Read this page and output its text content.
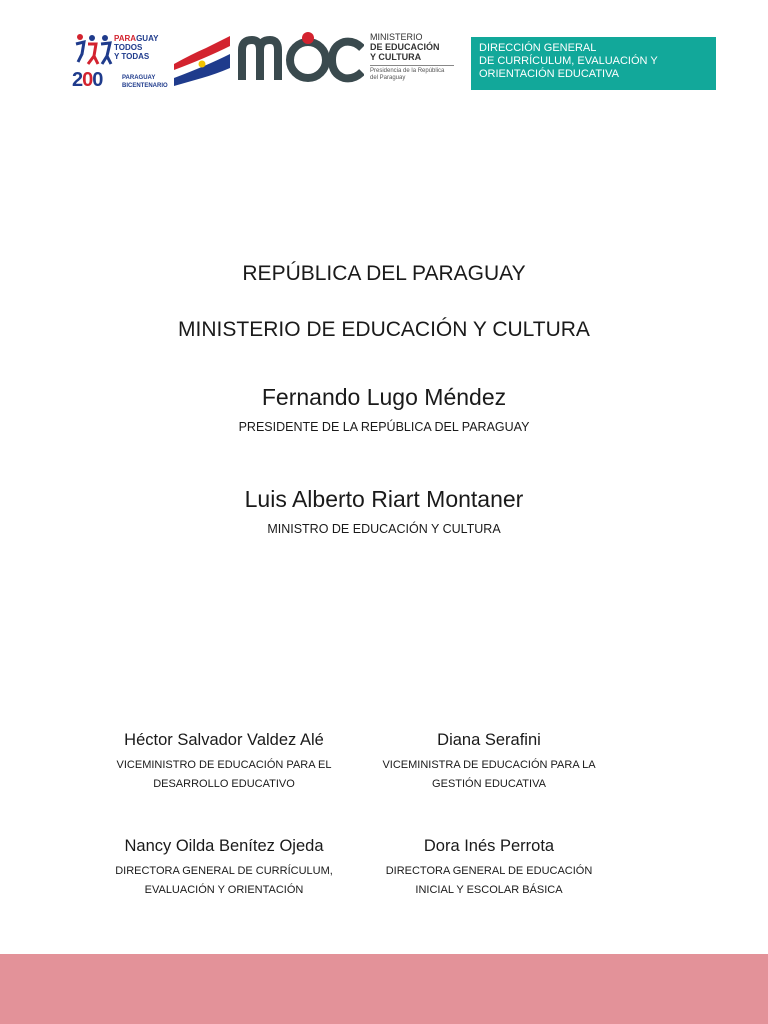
PARAGUAY
TODOS
Y TODAS
200	PARAGUAY
BICENTENARIO
MINISTERIO
DE EDUCACIÓN
Y CULTURA
Presidencia de la República
del Paraguay
DIRECCIÓN GENERAL
DE CURRÍCULUM, EVALUACIÓN Y
ORIENTACIÓN EDUCATIVA
REPÚBLICA DEL PARAGUAY
MINISTERIO DE EDUCACIÓN Y CULTURA
Fernando Lugo Méndez
PRESIDENTE DE LA REPÚBLICA DEL PARAGUAY
Luis Alberto Riart Montaner
MINISTRO DE EDUCACIÓN Y CULTURA
Héctor Salvador Valdez Alé
VICEMINISTRO DE EDUCACIÓN PARA EL
DESARROLLO EDUCATIVO
Diana Serafini
VICEMINISTRA DE EDUCACIÓN PARA LA
GESTIÓN EDUCATIVA
Nancy Oilda Benítez Ojeda
DIRECTORA GENERAL DE CURRÍCULUM,
EVALUACIÓN Y ORIENTACIÓN
Dora Inés Perrota
DIRECTORA GENERAL DE EDUCACIÓN
INICIAL Y ESCOLAR BÁSICA
